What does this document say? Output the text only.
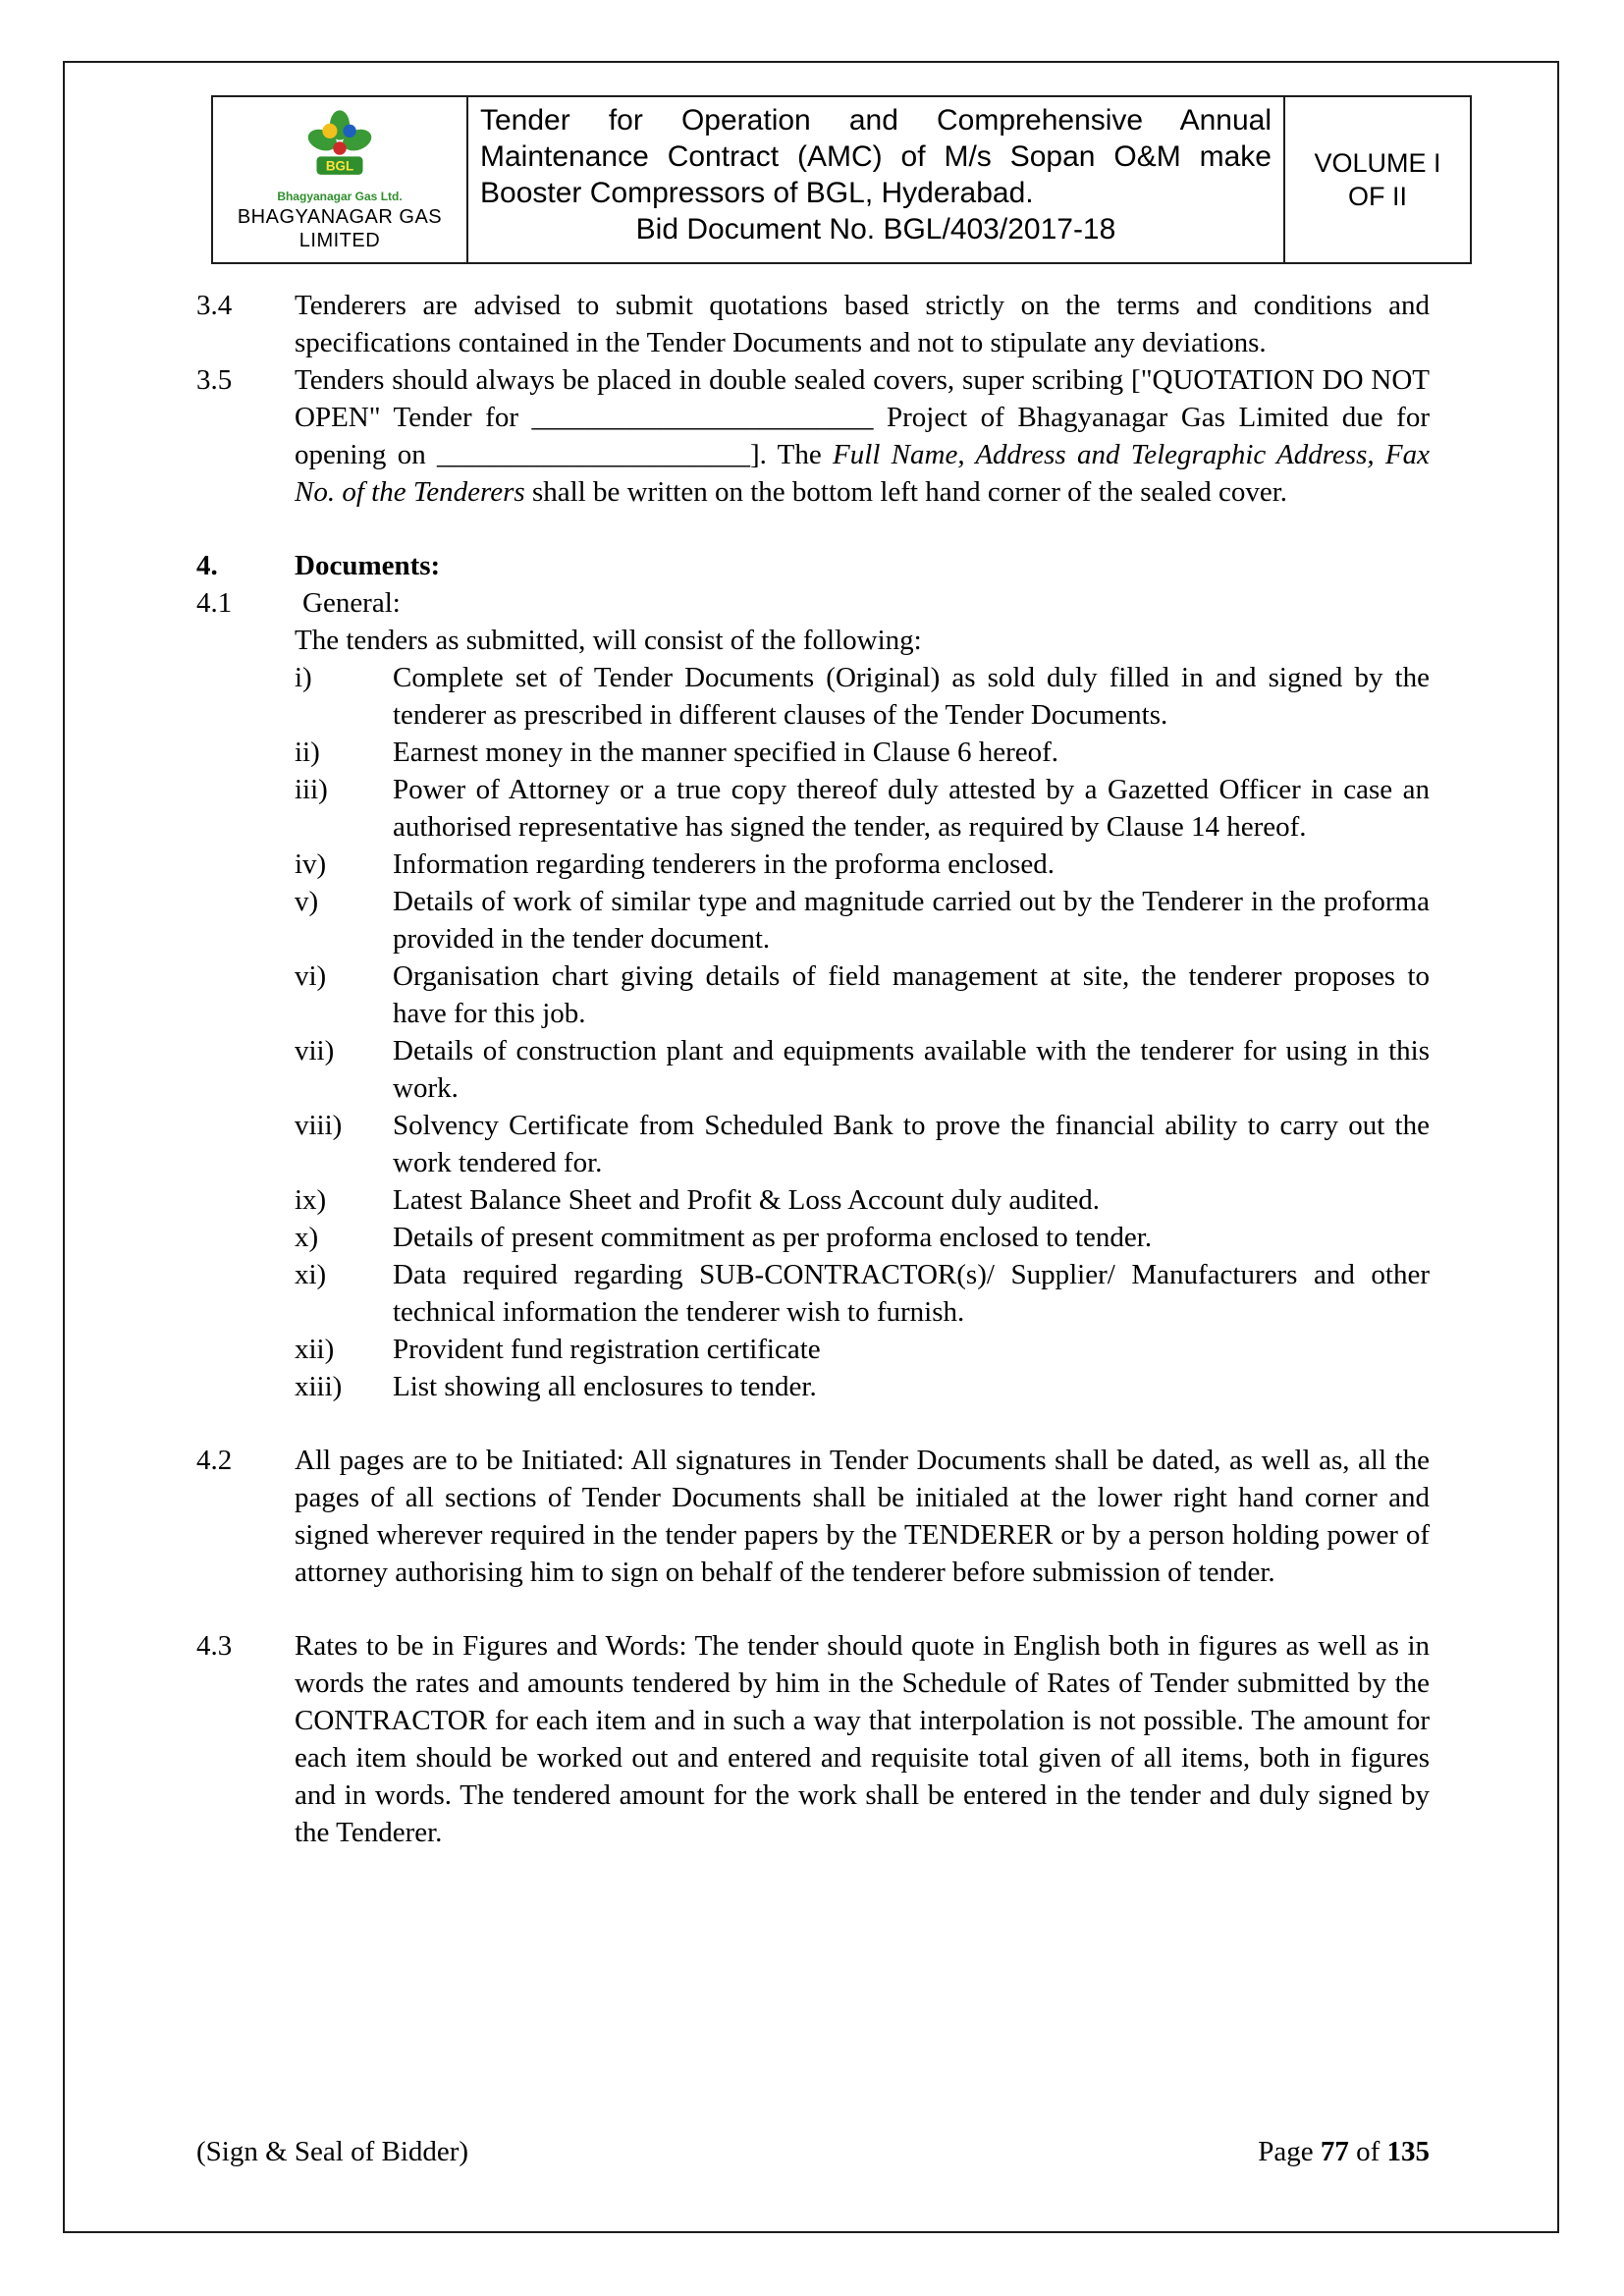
BGL
Bhagyanagar Gas Ltd.
BHAGYANAGAR GAS
LIMITED
Tender for Operation and Comprehensive Annual Maintenance Contract (AMC) of M/s Sopan O&M make Booster Compressors of BGL, Hyderabad.
Bid Document No. BGL/403/2017-18
VOLUME I
OF II
3.4	Tenderers are advised to submit quotations based strictly on the terms and conditions and specifications contained in the Tender Documents and not to stipulate any deviations.
3.5	Tenders should always be placed in double sealed covers, super scribing ["QUOTATION DO NOT OPEN" Tender for ________________________ Project of Bhagyanagar Gas Limited due for opening on ______________________]. The Full Name, Address and Telegraphic Address, Fax No. of the Tenderers shall be written on the bottom left hand corner of the sealed cover.
4.	Documents:
4.1	General:
The tenders as submitted, will consist of the following:
i)	Complete set of Tender Documents (Original) as sold duly filled in and signed by the tenderer as prescribed in different clauses of the Tender Documents.
ii)	Earnest money in the manner specified in Clause 6 hereof.
iii)	Power of Attorney or a true copy thereof duly attested by a Gazetted Officer in case an authorised representative has signed the tender, as required by Clause 14 hereof.
iv)	Information regarding tenderers in the proforma enclosed.
v)	Details of work of similar type and magnitude carried out by the Tenderer in the proforma provided in the tender document.
vi)	Organisation chart giving details of field management at site, the tenderer proposes to have for this job.
vii)	Details of construction plant and equipments available with the tenderer for using in this work.
viii)	Solvency Certificate from Scheduled Bank to prove the financial ability to carry out the work tendered for.
ix)	Latest Balance Sheet and Profit & Loss Account duly audited.
x)	Details of present commitment as per proforma enclosed to tender.
xi)	Data required regarding SUB-CONTRACTOR(s)/ Supplier/ Manufacturers and other technical information the tenderer wish to furnish.
xii)	Provident fund registration certificate
xiii)	List showing all enclosures to tender.
4.2	All pages are to be Initiated: All signatures in Tender Documents shall be dated, as well as, all the pages of all sections of Tender Documents shall be initialed at the lower right hand corner and signed wherever required in the tender papers by the TENDERER or by a person holding power of attorney authorising him to sign on behalf of the tenderer before submission of tender.
4.3	Rates to be in Figures and Words: The tender should quote in English both in figures as well as in words the rates and amounts tendered by him in the Schedule of Rates of Tender submitted by the CONTRACTOR for each item and in such a way that interpolation is not possible. The amount for each item should be worked out and entered and requisite total given of all items, both in figures and in words. The tendered amount for the work shall be entered in the tender and duly signed by the Tenderer.
(Sign & Seal of Bidder)	Page 77 of 135
